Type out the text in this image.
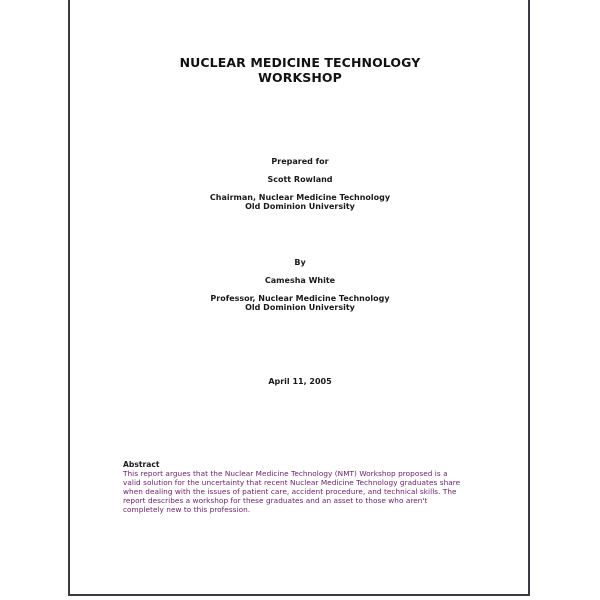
NUCLEAR MEDICINE TECHNOLOGY
WORKSHOP
Prepared for
Scott Rowland
Chairman, Nuclear Medicine Technology
Old Dominion University
By
Camesha White
Professor, Nuclear Medicine Technology
Old Dominion University
April 11, 2005
Abstract
This report argues that the Nuclear Medicine Technology (NMT) Workshop proposed is a
valid solution for the uncertainty that recent Nuclear Medicine Technology graduates share
when dealing with the issues of patient care, accident procedure, and technical skills. The
report describes a workshop for these graduates and an asset to those who aren't
completely new to this profession.
